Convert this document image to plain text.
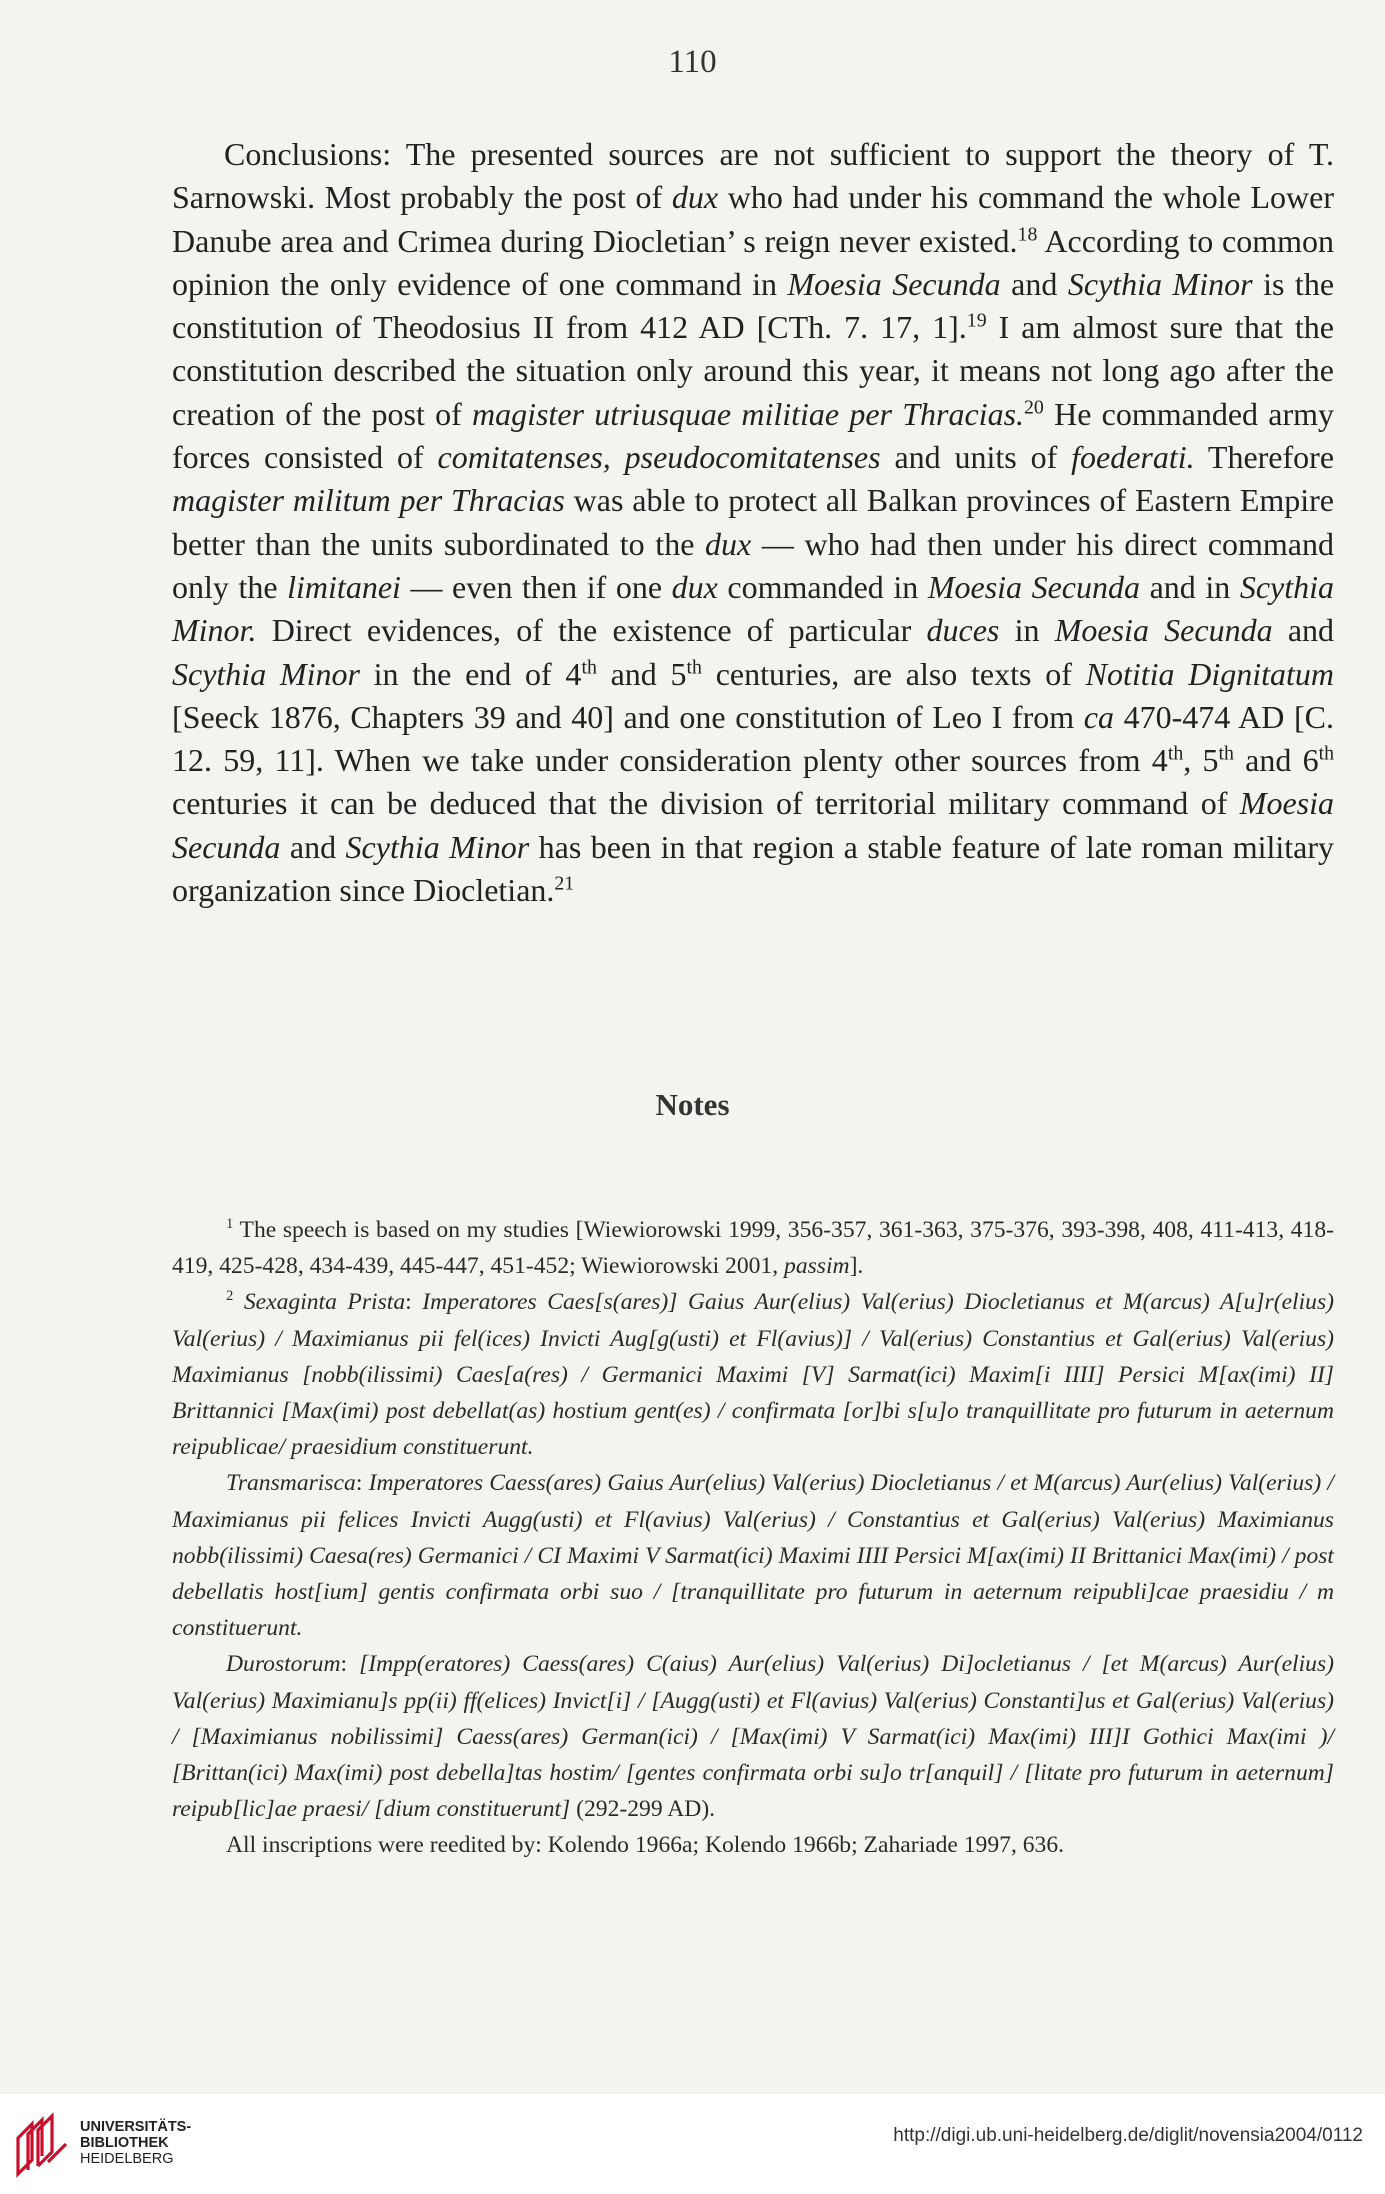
110

Conclusions: The presented sources are not sufficient to support the theory of T. Sarnowski. Most probably the post of dux who had under his command the whole Lower Danube area and Crimea during Diocletian’ s reign never existed.$^{18}$ According to common opinion the only evidence of one command in Moesia Secunda and Scythia Minor is the constitution of Theodosius II from 412 AD [CTh. 7. 17, 1].$^{19}$ I am almost sure that the constitution described the situation only around this year, it means not long ago after the creation of the post of magister utriusquae militiae per Thracias.$^{20}$ He commanded army forces consisted of comitatenses, pseudocomitatenses and units of foederati. Therefore magister militum per Thracias was able to protect all Balkan provinces of Eastern Empire better than the units subordinated to the dux — who had then under his direct command only the limitanei — even then if one dux commanded in Moesia Secunda and in Scythia Minor. Direct evidences, of the existence of particular duces in Moesia Secunda and Scythia Minor in the end of 4th and 5th centuries, are also texts of Notitia Dignitatum [Seeck 1876, Chapters 39 and 40] and one constitution of Leo I from ca 470-474 AD [C. 12. 59, 11]. When we take under consideration plenty other sources from 4th, 5th and 6th centuries it can be deduced that the division of territorial military command of Moesia Secunda and Scythia Minor has been in that region a stable feature of late roman military organization since Diocletian.$^{21}$

Notes

$^1$ The speech is based on my studies [Wiewiorowski 1999, 356-357, 361-363, 375-376, 393-398, 408, 411-413, 418-419, 425-428, 434-439, 445-447, 451-452; Wiewiorowski 2001, passim].

$^2$ Sexaginta Prista: Imperatores Caes[s(ares)] Gaius Aur(elius) Val(erius) Diocletianus et M(arcus) A[u]r(elius) Val(erius) / Maximianus pii fel(ices) Invicti Aug[g(usti) et Fl(avius)] / Val(erius) Constantius et Gal(erius) Val(erius) Maximianus [nobb(ilissimi) Caes[a(res) / Germanici Maximi [V] Sarmat(ici) Maxim[i IIII] Persici M[ax(imi) II] Brittannici [Max(imi) post debellat(as) hostium gent(es) / confirmata [or]bi s[u]o tranquillitate pro futurum in aeternum reipublicae/ praesidium constituerunt.

Transmarisca: Imperatores Caess(ares) Gaius Aur(elius) Val(erius) Diocletianus / et M(arcus) Aur(elius) Val(erius) / Maximianus pii felices Invicti Augg(usti) et Fl(avius) Val(erius) / Constantius et Gal(erius) Val(erius) Maximianus nobb(ilissimi) Caesa(res) Germanici / CI Maximi V Sarmat(ici) Maximi IIII Persici M[ax(imi) II Brittanici Max(imi) / post debellatis host[ium] gentis confirmata orbi suo / [tranquillitate pro futurum in aeternum reipubli]cae praesidiu / m constituerunt.

Durostorum: [Impp(eratores) Caess(ares) C(aius) Aur(elius) Val(erius) Di]ocletianus / [et M(arcus) Aur(elius) Val(erius) Maximianu]s pp(ii) ff(elices) Invict[i] / [Augg(usti) et Fl(avius) Val(erius) Constanti]us et Gal(erius) Val(erius) / [Maximianus nobilissimi] Caess(ares) German(ici) / [Max(imi) V Sarmat(ici) Max(imi) III]I Gothici Max(imi )/ [Brittan(ici) Max(imi) post debella]tas hostim/ [gentes confirmata orbi su]o tr[anquil] / [litate pro futurum in aeternum] reipub[lic]ae praesi/ [dium constituerunt] (292-299 AD).

All inscriptions were reedited by: Kolendo 1966a; Kolendo 1966b; Zahariade 1997, 636.

UNIVERSITÄTS-
BIBLIOTHEK
HEIDELBERG
http://digi.ub.uni-heidelberg.de/diglit/novensia2004/0112
